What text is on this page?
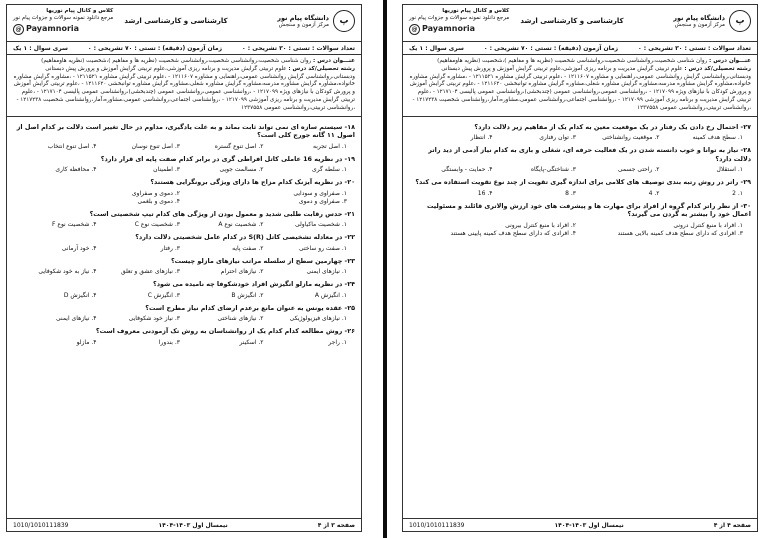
پ
دانشگاه پیام نور
مرکز آزمون و سنجش
کارشناسی و کارشناسی ارشد
کلاس و کانال پیام نوریها
مرجع دانلود نمونه سوالات و جزوات پیام نور
@ Payamnoria
تعداد سوالات : تستی : ۳۰ تشریحی : ۰
زمان آزمون (دقیقه) : تستی : ۷۰ تشریحی : ۰
سری سوال : ۱ یک
عنـــوان درس : روان شناسی شخصیت،روانشناسی شخصیت،روانشناسی شخصیت (نظریه ها و مفاهیم )،شخصیت (نظریه هاومفاهیم)
رشته تحصیلی/کد درس : علوم تربیتی گرایش مدیریت و برنامه ریزی آموزشی،علوم تربیتی گرایش آموزش و پرورش پیش دبستانی ودبستانی،روانشناسی گرایش روانشناسی عمومی،راهنمایی و مشاوره ۱۲۱۱۶۰۷ - ،علوم تربیتی گرایش مشاوره ۱۲۱۱۵۲۱ - ،مشاوره گرایش مشاوره خانواده،مشاوره گرایش مشاوره مدرسه،مشاوره گرایش مشاوره شغلی،مشاوره گرایش مشاوره توانبخشی ۱۲۱۱۶۲۰ - ،علوم تربیتی گرایش آموزش و پرورش کودکان با نیازهای ویژه ۱۲۱۷۰۹۹ - ،روانشناسی عمومی،روانشناسی عمومی (چندبخشی)،روانشناسی عمومی پالیسی ۱۲۱۷۱۰۴ - ،علوم تربیتی گرایش مدیریت و برنامه ریزی آموزشی ۱۲۱۷۰۹۹ - ،روانشناسی اجتماعی،روانشناسی عمومی،مشاوره،آمار،روانشناسی شخصیت ۱۲۱۷۲۳۸ - ،روانشناسی تربیتی،روانشناسی عمومی ۱۲۳۷۵۵۸
۱۸- سیستم سازه ای نمی تواند ثابت بماند و به علت یادگیری، مداوم در حال تغییر است دلالت بر کدام اصل از اصول ۱۱ گانه جورج کلی است؟
۱. اصل تجربه
۲. اصل تنوع گستره
۳. اصل تنوع نوسان
۴. اصل تنوع انتخاب
۱۹- در نظریه 16 عاملی کاتل افراطی گری در برابر کدام صفت پایه ای قرار دارد؟
۱. سلطه گری
۲. مسالمت جویی
۳. اطمینان
۴. محافظه کاری
۲۰- در نظریه آیزنک کدام مزاج ها دارای ویژگی برونگرایی هستند؟
۱. صفراوی و سودایی
۲. دموی و صفراوی
۳. صفراوی و دموی
۴. دموی و بلغمی
۲۱- حدس رقابت طلبی شدید و معمول بودن از ویژگی های کدام تیپ شخصیتی است؟
۱. شخصیت ماکیاولی
۲. شخصیت نوع A
۳. شخصیت نوع C
۴. شخصیت نوع F
۲۲- در معادله تشخیصی کاتل (R)S در کدام عامل شخصیتی دلالت دارد؟
۱. صفت رو ساختی
۲. صفت پایه
۳. رفتار
۴. خود آرمانی
۲۳- چهارمین سطح از سلسله مراتب نیازهای مازلو چیست؟
۱. نیازهای ایمنی
۲. نیازهای احترام
۳. نیازهای عشق و تعلق
۴. نیاز به خود شکوفایی
۲۴- در نظریه مازلو انگیزش افراد خودشکوفا چه نامیده می شود؟
۱. انگیزش A
۲. انگیزش B
۳. انگیزش C
۴. انگیزش D
۲۵- عقده یونس به عنوان مانع برعدم ارضای کدام نیاز مطرح است؟
۱. نیازهای فیزیولوژیکی
۲. نیازهای شناختی
۳. نیاز خود شکوفایی
۴. نیازهای ایمنی
۲۶- روش مطالعه کدام کدام یک از روانشناسان به روش تک آزمودنی معروف است؟
۱. راجر
۲. اسکینر
۳. بندورا
۴. مازلو
صفحه ۳ از ۴
نیمسال اول ۱۴۰۳-۱۴۰۴
1010/1010111839
پ
دانشگاه پیام نور
مرکز آزمون و سنجش
کارشناسی و کارشناسی ارشد
کلاس و کانال پیام نوریها
مرجع دانلود نمونه سوالات و جزوات پیام نور
@ Payamnoria
تعداد سوالات : تستی : ۳۰ تشریحی : ۰
زمان آزمون (دقیقه) : تستی : ۷۰ تشریحی : ۰
سری سوال : ۱ یک
عنـــوان درس : روان شناسی شخصیت،روانشناسی شخصیت،روانشناسی شخصیت (نظریه ها و مفاهیم )،شخصیت (نظریه هاومفاهیم)
رشته تحصیلی/کد درس : علوم تربیتی گرایش مدیریت و برنامه ریزی آموزشی،علوم تربیتی گرایش آموزش و پرورش پیش دبستانی ودبستانی،روانشناسی گرایش روانشناسی عمومی،راهنمایی و مشاوره ۱۲۱۱۶۰۷ - ،علوم تربیتی گرایش مشاوره ۱۲۱۱۵۲۱ - ،مشاوره گرایش مشاوره خانواده،مشاوره گرایش مشاوره مدرسه،مشاوره گرایش مشاوره شغلی،مشاوره گرایش مشاوره توانبخشی ۱۲۱۱۶۲۰ - ،علوم تربیتی گرایش آموزش و پرورش کودکان با نیازهای ویژه ۱۲۱۷۰۹۹ - ،روانشناسی عمومی،روانشناسی عمومی (چندبخشی)،روانشناسی عمومی پالیسی ۱۲۱۷۱۰۴ - ،علوم تربیتی گرایش مدیریت و برنامه ریزی آموزشی ۱۲۱۷۰۹۹ - ،روانشناسی اجتماعی،روانشناسی عمومی،مشاوره،آمار،روانشناسی شخصیت ۱۲۱۷۲۳۸ - ،روانشناسی تربیتی،روانشناسی عمومی ۱۲۳۷۵۵۸
۲۷- احتمال رخ دادن یک رفتار در یک موقعیت معین به کدام یک از مفاهیم زیر دلالت دارد؟
۱. سطح هدف کمینه
۲. موقعیت روانشناختی
۳. توان رفتاری
۴. انتظار
۲۸- نیاز به توانا و خوب دانسته شدن در یک فعالیت حرفه ای، شغلی و بازی به کدام نیاز آدمی از دید راتر دلالت دارد؟
۱. استقلال
۲. راحتی جسمی
۳. شناختگی-پایگاه
۴. حمایت - وابستگی
۲۹- راتر در روش رتبه بندی توصیف های کلامی برای اندازه گیری تقویت از چند نوع تقویت استفاده می کند؟
۱. 2
۲. 4
۳. 8
۴. 16
۳۰- از نظر راتر کدام گروه از افراد برای مهارت ها و پیشرفت های خود ارزش والاتری قائلند و مسئولیت اعمال خود را بیشتر به گردن می گیرند؟
۱. افراد با منبع کنترل درونی
۲. افراد با منبع کنترل بیرونی
۳. افرادی که دارای سطح هدف کمینه بالایی هستند
۴. افرادی که دارای سطح هدف کمینه پایینی هستند
صفحه ۴ از ۴
نیمسال اول ۱۴۰۳-۱۴۰۴
1010/1010111839
